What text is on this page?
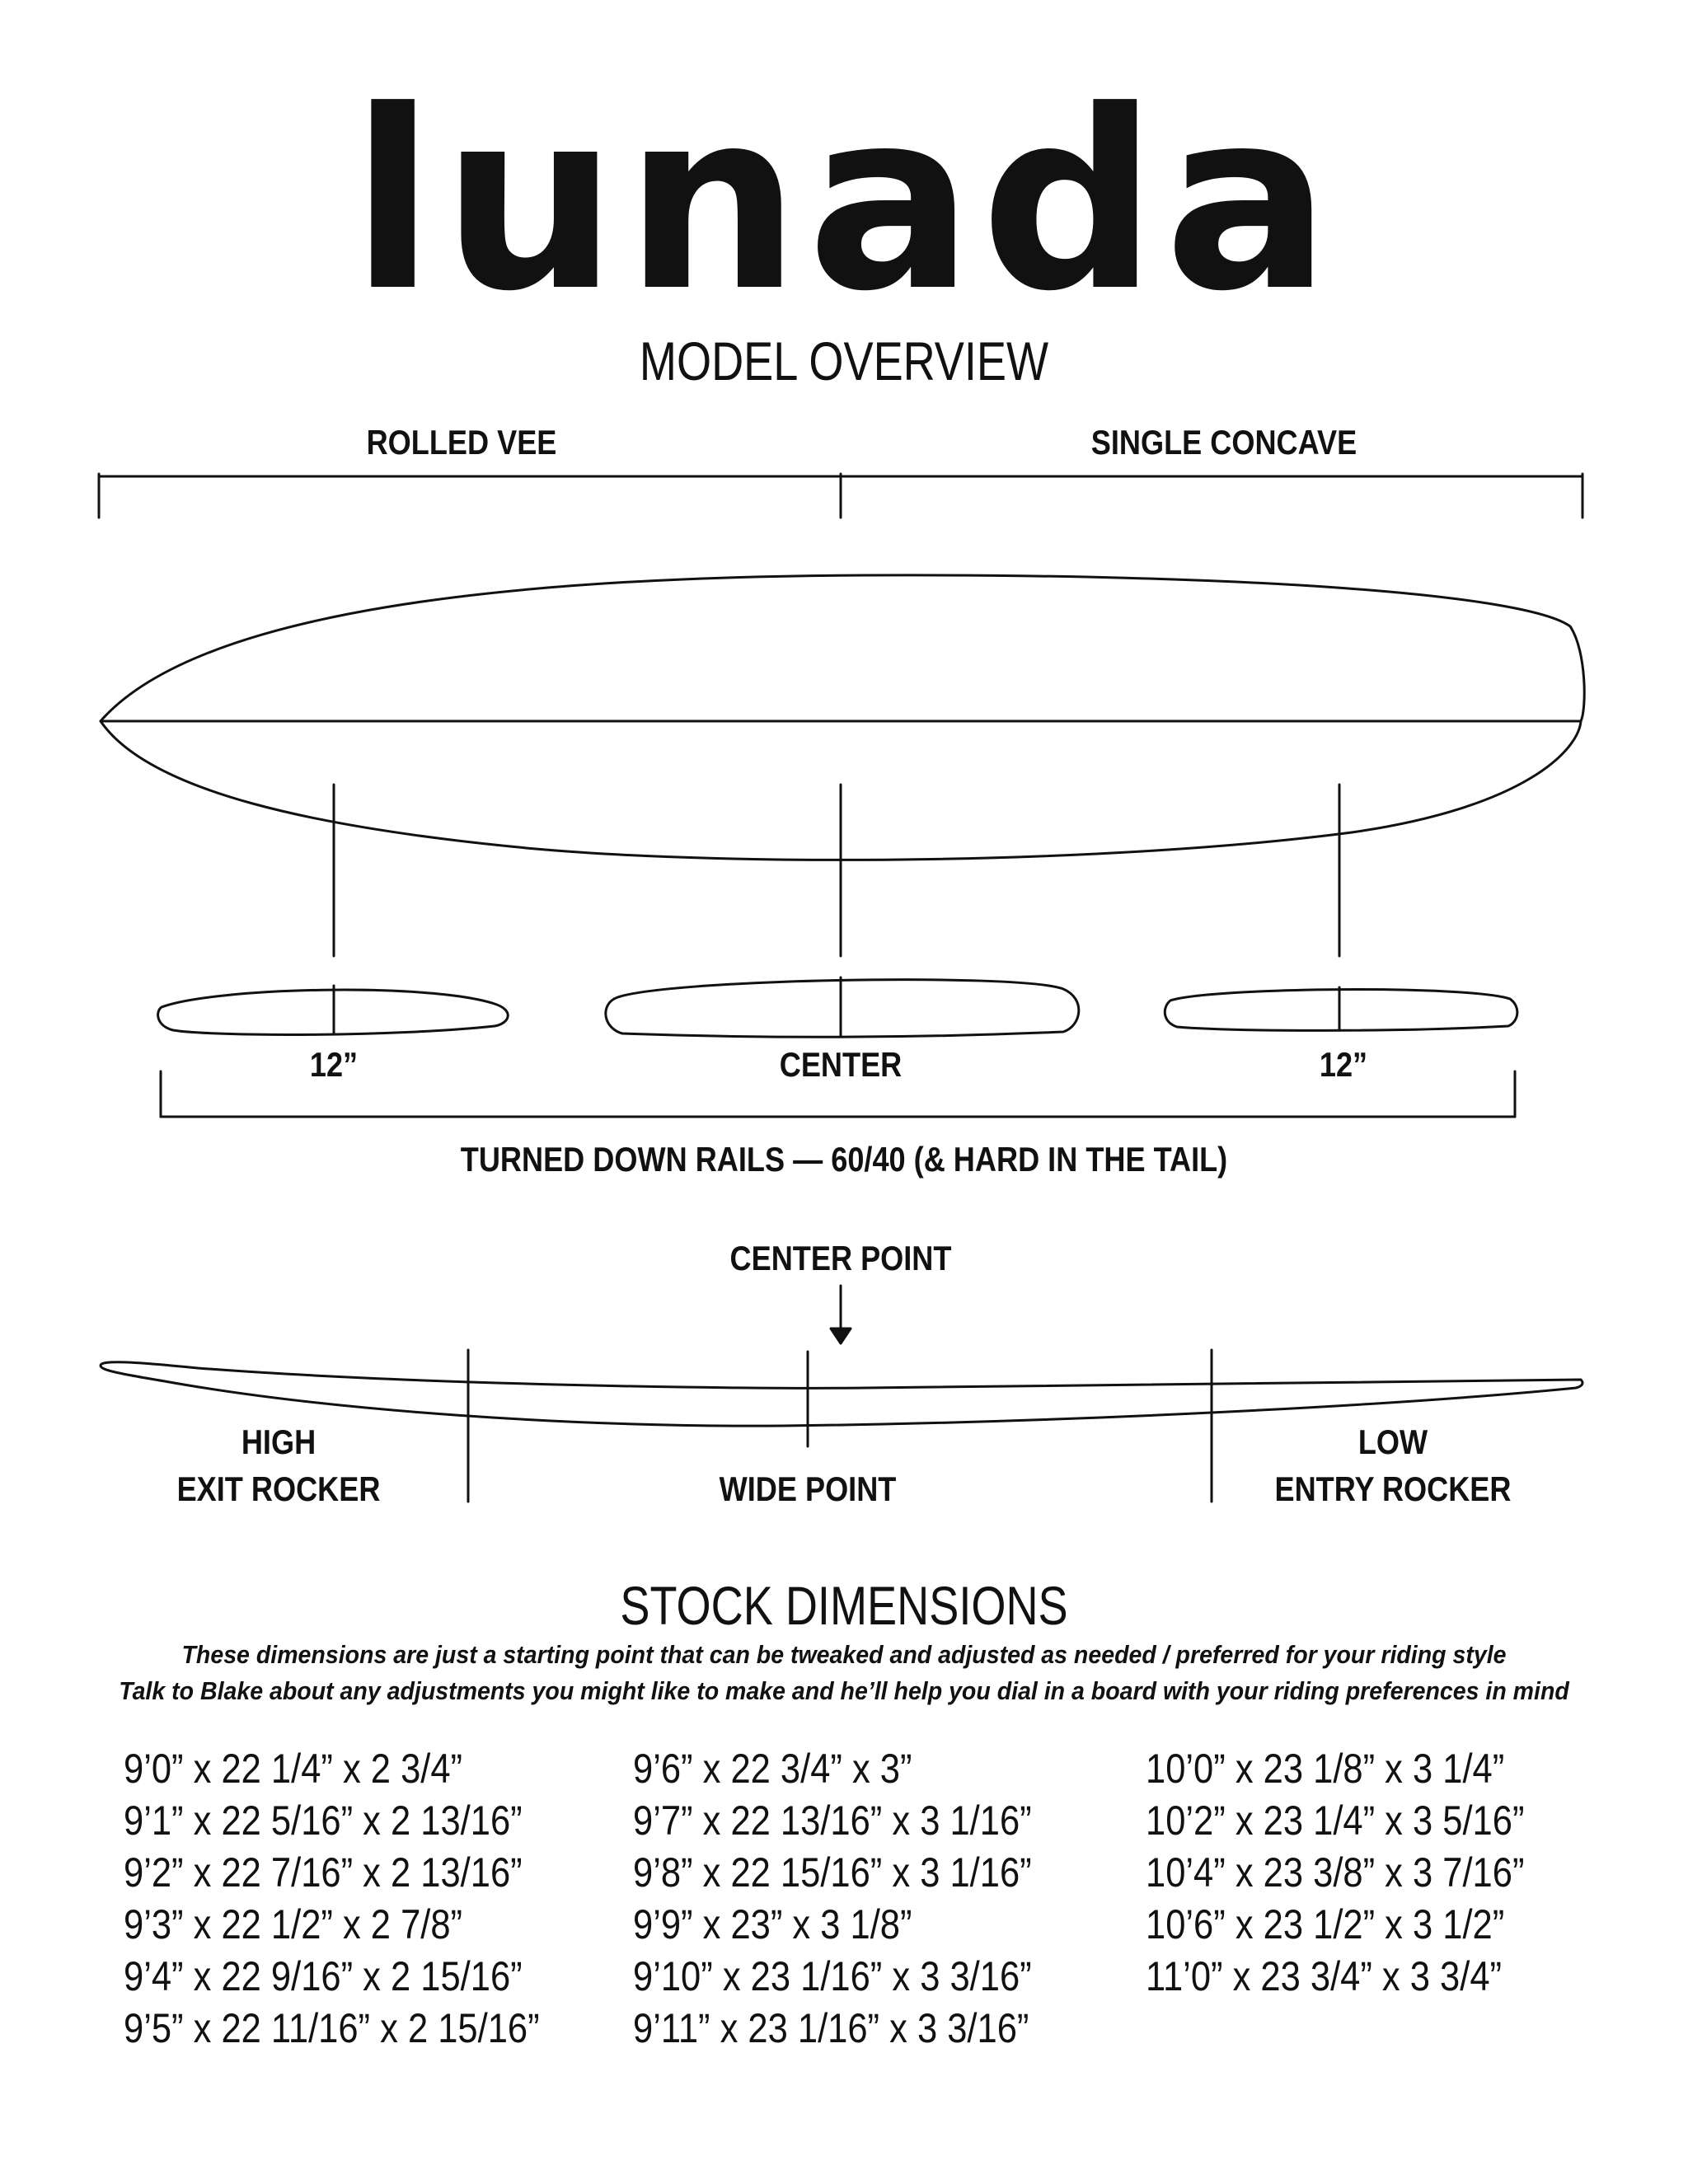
lunada
MODEL OVERVIEW
ROLLED VEE	SINGLE CONCAVE
12”	CENTER	12”
TURNED DOWN RAILS — 60/40 (& HARD IN THE TAIL)
CENTER POINT
HIGH
EXIT ROCKER	WIDE POINT
LOW
ENTRY ROCKER
STOCK DIMENSIONS
These dimensions are just a starting point that can be tweaked and adjusted as needed / preferred for your riding style
Talk to Blake about any adjustments you might like to make and he’ll help you dial in a board with your riding preferences in mind
9’0” x 22 1/4” x 2 3/4”
9’1” x 22 5/16” x 2 13/16”
9’2” x 22 7/16” x 2 13/16”
9’3” x 22 1/2” x 2 7/8”
9’4” x 22 9/16” x 2 15/16”
9’5” x 22 11/16” x 2 15/16”
9’6” x 22 3/4” x 3”
9’7” x 22 13/16” x 3 1/16”
9’8” x 22 15/16” x 3 1/16”
9’9” x 23” x 3 1/8”
9’10” x 23 1/16” x 3 3/16”
9’11” x 23 1/16” x 3 3/16”
10’0” x 23 1/8” x 3 1/4”
10’2” x 23 1/4” x 3 5/16”
10’4” x 23 3/8” x 3 7/16”
10’6” x 23 1/2” x 3 1/2”
11’0” x 23 3/4” x 3 3/4”
